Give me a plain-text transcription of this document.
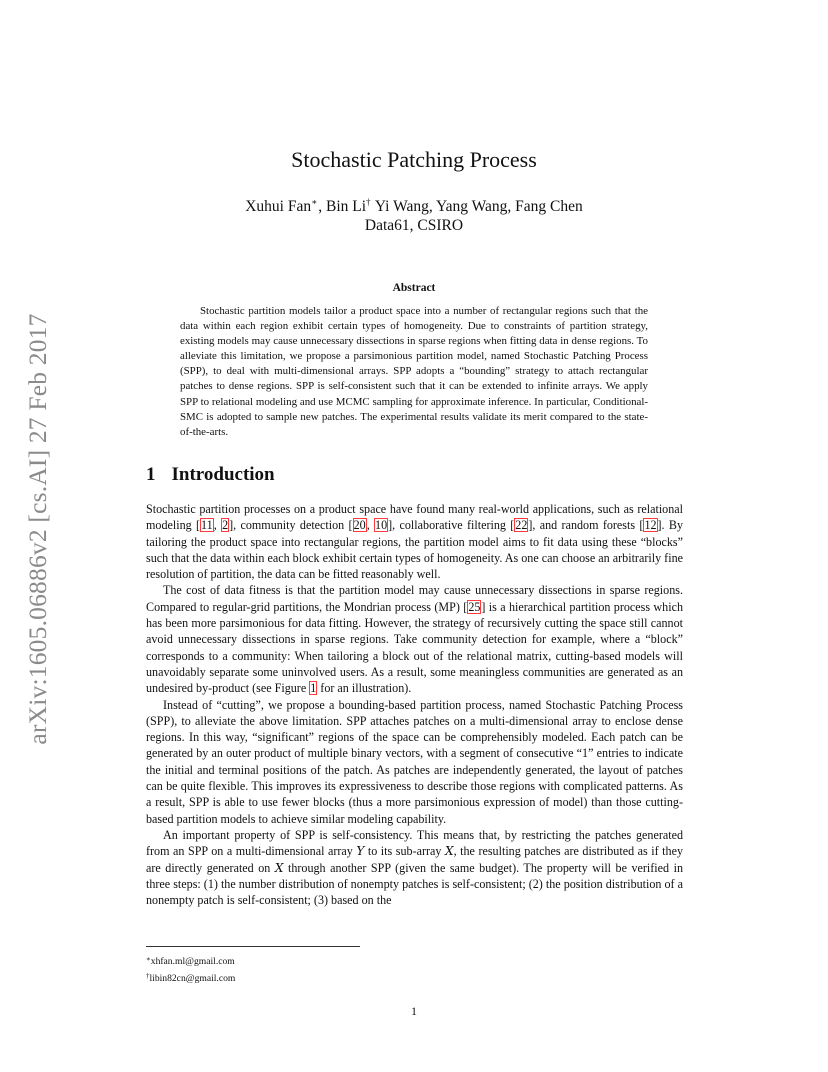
arXiv:1605.06886v2 [cs.AI] 27 Feb 2017
Stochastic Patching Process
Xuhui Fan∗, Bin Li† Yi Wang, Yang Wang, Fang Chen
Data61, CSIRO
Abstract

Stochastic partition models tailor a product space into a number of rectangular regions such that the data within each region exhibit certain types of homogeneity. Due to constraints of partition strategy, existing models may cause unnecessary dissections in sparse regions when fitting data in dense regions. To alleviate this limitation, we propose a parsimonious partition model, named Stochastic Patching Process (SPP), to deal with multi-dimensional arrays. SPP adopts a “bounding” strategy to attach rectangular patches to dense regions. SPP is self-consistent such that it can be extended to infinite arrays. We apply SPP to relational modeling and use MCMC sampling for approximate inference. In particular, Conditional-SMC is adopted to sample new patches. The experimental results validate its merit compared to the state-of-the-arts.

1 Introduction

Stochastic partition processes on a product space have found many real-world applications, such as relational modeling [11, 2], community detection [20, 10], collaborative filtering [22], and random forests [12]. By tailoring the product space into rectangular regions, the partition model aims to fit data using these “blocks” such that the data within each block exhibit certain types of homogeneity. As one can choose an arbitrarily fine resolution of partition, the data can be fitted reasonably well.

The cost of data fitness is that the partition model may cause unnecessary dissections in sparse regions. Compared to regular-grid partitions, the Mondrian process (MP) [25] is a hierarchical partition process which has been more parsimonious for data fitting. However, the strategy of recursively cutting the space still cannot avoid unnecessary dissections in sparse regions. Take community detection for example, where a “block” corresponds to a community: When tailoring a block out of the relational matrix, cutting-based models will unavoidably separate some uninvolved users. As a result, some meaningless communities are generated as an undesired by-product (see Figure 1 for an illustration).

Instead of “cutting”, we propose a bounding-based partition process, named Stochastic Patching Process (SPP), to alleviate the above limitation. SPP attaches patches on a multi-dimensional array to enclose dense regions. In this way, “significant” regions of the space can be comprehensibly modeled. Each patch can be generated by an outer product of multiple binary vectors, with a segment of consecutive “1” entries to indicate the initial and terminal positions of the patch. As patches are independently generated, the layout of patches can be quite flexible. This improves its expressiveness to describe those regions with complicated patterns. As a result, SPP is able to use fewer blocks (thus a more parsimonious expression of model) than those cutting-based partition models to achieve similar modeling capability.

An important property of SPP is self-consistency. This means that, by restricting the patches generated from an SPP on a multi-dimensional array Y to its sub-array X, the resulting patches are distributed as if they are directly generated on X through another SPP (given the same budget). The property will be verified in three steps: (1) the number distribution of nonempty patches is self-consistent; (2) the position distribution of a nonempty patch is self-consistent; (3) based on the

∗xhfan.ml@gmail.com
†libin82cn@gmail.com
1
